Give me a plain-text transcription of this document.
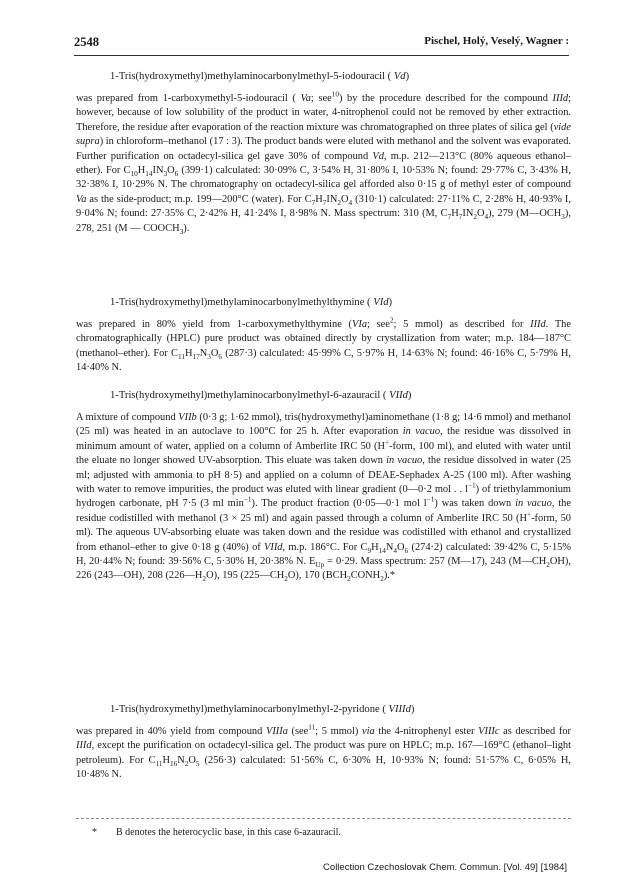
2548	Pischel, Holý, Veselý, Wagner :
1-Tris(hydroxymethyl)methylaminocarbonylmethyl-5-iodouracil ( Vd)
was prepared from 1-carboxymethyl-5-iodouracil ( Va; see$^{10}$) by the procedure described for the compound IIId; however, because of low solubility of the product in water, 4-nitrophenol could not be removed by ether extraction. Therefore, the residue after evaporation of the reaction mixture was chromatographed on three plates of silica gel (vide supra) in chloroform–methanol (17 : 3). The product bands were eluted with methanol and the solvent was evaporated. Further purification on octadecyl-silica gel gave 30% of compound Vd, m.p. 212—213°C (80% aqueous ethanol–ether). For $C_{10}H_{14}IN_3O_6$ (399·1) calculated: 30·09% C, 3·54% H, 31·80% I, 10·53% N; found: 29·77% C, 3·43% H, 32·38% I, 10·29% N. The chromatography on octadecyl-silica gel afforded also 0·15 g of methyl ester of compound Va as the side-product; m.p. 199—200°C (water). For $C_7H_7IN_2O_4$ (310·1) calculated: 27·11% C, 2·28% H, 40·93% I, 9·04% N; found: 27·35% C, 2·42% H, 41·24% I, 8·98% N. Mass spectrum: 310 (M, $C_7H_7IN_2O_4$), 279 $(M—OCH_3)$, 278, 251 (M — $COOCH_3$).
1-Tris(hydroxymethyl)methylaminocarbonylmethylthymine ( VId)
was prepared in 80% yield from 1-carboxymethylthymine (VIa; see$^2$; 5 mmol) as described for IIId. The chromatographically (HPLC) pure product was obtained directly by crystallization from water; m.p. 184—187°C (methanol–ether). For $C_{11}H_{17}N_3O_6$ (287·3) calculated: 45·99% C, 5·97% H, 14·63% N; found: 46·16% C, 5·79% H, 14·40% N.
1-Tris(hydroxymethyl)methylaminocarbonylmethyl-6-azauracil ( VIId)
A mixture of compound VIIb (0·3 g; 1·62 mmol), tris(hydroxymethyl)aminomethane (1·8 g; 14·6 mmol) and methanol (25 ml) was heated in an autoclave to 100°C for 25 h. After evaporation in vacuo, the residue was dissolved in minimum amount of water, applied on a column of Amberlite IRC 50 (H+-form, 100 ml), and eluted with water until the eluate no longer showed UV-absorption. This eluate was taken down in vacuo, the residue dissolved in water (25 ml; adjusted with ammonia to pH 8·5) and applied on a column of DEAE-Sephadex A-25 (100 ml). After washing with water to remove impurities, the product was eluted with linear gradient (0—0·2 mol . . $l^{-1}$) of triethylammonium hydrogen carbonate, pH 7·5 (3 ml $\min^{-1}$). The product fraction (0·05—0·1 mol $l^{-1}$) was taken down in vacuo, the residue codistilled with methanol (3 × 25 ml) and again passed through a column of Amberlite IRC 50 (H+-form, 50 ml). The aqueous UV-absorbing eluate was taken down and the residue was codistilled with ethanol and crystallized from ethanol–ether to give 0·18 g (40%) of VIId, m.p. 186°C. For $C_9H_{14}N_4O_6$ (274·2) calculated: 39·42% C, 5·15% H, 20·44% N; found: 39·56% C, 5·30% H, 20·38% N. $E_{Up} = 0\cdot 29$. Mass spectrum: 257 (M—17), 243 $(M—CH_2OH)$, 226 (243—OH), 208 $(226—H_2O)$, 195 $(225—CH_2O)$, 170 $(BCH_2CONH_2).*$
1-Tris(hydroxymethyl)methylaminocarbonylmethyl-2-pyridone ( VIIId)
was prepared in 40% yield from compound VIIIa (see$^{11}$; 5 mmol) via the 4-nitrophenyl ester VIIIc as described for IIId, except the purification on octadecyl-silica gel. The product was pure on HPLC; m.p. 167—169°C (ethanol–light petroleum). For $C_{11}H_{16}N_2O_5$ (256·3) calculated: 51·56% C, 6·30% H, 10·93% N; found: 51·57% C, 6·05% H, 10·48% N.
* B denotes the heterocyclic base, in this case 6-azauracil.
Collection Czechoslovak Chem. Commun. [Vol. 49] [1984]
